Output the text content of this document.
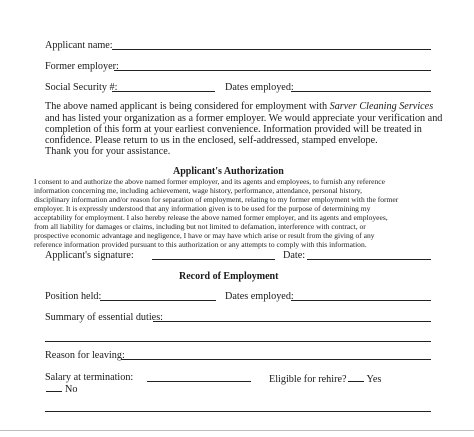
Applicant name:
Former employer:
Social Security #:	Dates employed:
The above named applicant is being considered for employment with Sarver Cleaning Services
and has listed your organization as a former employer. We would appreciate your verification and
completion of this form at your earliest convenience. Information provided will be treated in
confidence. Please return to us in the enclosed, self-addressed, stamped envelope.
Thank you for your assistance.
Applicant's Authorization
I consent to and authorize the above named former employer, and its agents and employees, to furnish any reference
information concerning me, including achievement, wage history, performance, attendance, personal history,
disciplinary information and/or reason for separation of employment, relating to my former employment with the former
employer. It is expressly understood that any information given is to be used for the purpose of determining my
acceptability for employment. I also hereby release the above named former employer, and its agents and employees,
from all liability for damages or claims, including but not limited to defamation, interference with contract, or
prospective economic advantage and negligence, I have or may have which arise or result from the giving of any
reference information provided pursuant to this authorization or any attempts to comply with this information.
Applicant's signature:	Date:
Record of Employment
Position held:	Dates employed:
Summary of essential duties:
Reason for leaving:
Salary at termination:	Eligible for rehire? Yes
No
